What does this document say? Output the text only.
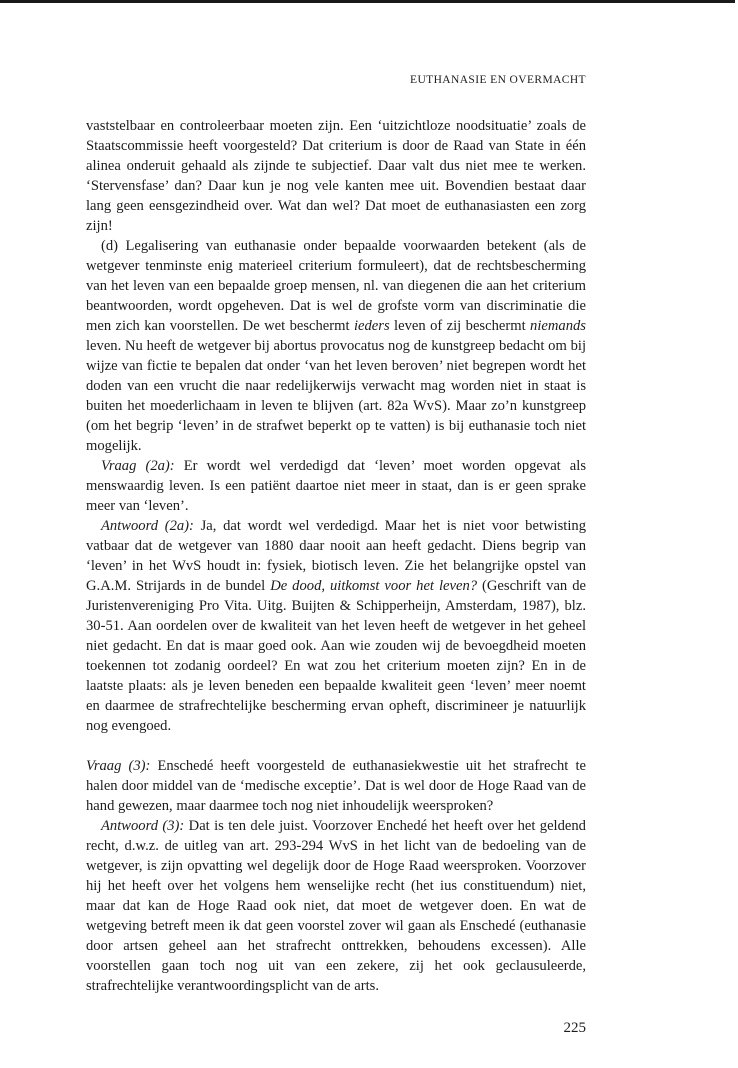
EUTHANASIE EN OVERMACHT

vaststelbaar en controleerbaar moeten zijn. Een ‘uitzichtloze noodsituatie’ zoals de Staatscommissie heeft voorgesteld? Dat criterium is door de Raad van State in één alinea onderuit gehaald als zijnde te subjectief. Daar valt dus niet mee te werken. ‘Stervensfase’ dan? Daar kun je nog vele kanten mee uit. Bovendien bestaat daar lang geen eensgezindheid over. Wat dan wel? Dat moet de euthanasiasten een zorg zijn!

(d) Legalisering van euthanasie onder bepaalde voorwaarden betekent (als de wetgever tenminste enig materieel criterium formuleert), dat de rechtsbescherming van het leven van een bepaalde groep mensen, nl. van diegenen die aan het criterium beantwoorden, wordt opgeheven. Dat is wel de grofste vorm van discriminatie die men zich kan voorstellen. De wet beschermt ieders leven of zij beschermt niemands leven. Nu heeft de wetgever bij abortus provocatus nog de kunstgreep bedacht om bij wijze van fictie te bepalen dat onder ‘van het leven beroven’ niet begrepen wordt het doden van een vrucht die naar redelijkerwijs verwacht mag worden niet in staat is buiten het moederlichaam in leven te blijven (art. 82a WvS). Maar zo’n kunstgreep (om het begrip ‘leven’ in de strafwet beperkt op te vatten) is bij euthanasie toch niet mogelijk.

Vraag (2a): Er wordt wel verdedigd dat ‘leven’ moet worden opgevat als menswaardig leven. Is een patiënt daartoe niet meer in staat, dan is er geen sprake meer van ‘leven’.

Antwoord (2a): Ja, dat wordt wel verdedigd. Maar het is niet voor betwisting vatbaar dat de wetgever van 1880 daar nooit aan heeft gedacht. Diens begrip van ‘leven’ in het WvS houdt in: fysiek, biotisch leven. Zie het belangrijke opstel van G.A.M. Strijards in de bundel De dood, uitkomst voor het leven? (Geschrift van de Juristenvereniging Pro Vita. Uitg. Buijten & Schipperheijn, Amsterdam, 1987), blz. 30-51. Aan oordelen over de kwaliteit van het leven heeft de wetgever in het geheel niet gedacht. En dat is maar goed ook. Aan wie zouden wij de bevoegdheid moeten toekennen tot zodanig oordeel? En wat zou het criterium moeten zijn? En in de laatste plaats: als je leven beneden een bepaalde kwaliteit geen ‘leven’ meer noemt en daarmee de strafrechtelijke bescherming ervan opheft, discrimineer je natuurlijk nog evengoed.

Vraag (3): Enschedé heeft voorgesteld de euthanasiekwestie uit het strafrecht te halen door middel van de ‘medische exceptie’. Dat is wel door de Hoge Raad van de hand gewezen, maar daarmee toch nog niet inhoudelijk weersproken?

Antwoord (3): Dat is ten dele juist. Voorzover Enchedé het heeft over het geldend recht, d.w.z. de uitleg van art. 293-294 WvS in het licht van de bedoeling van de wetgever, is zijn opvatting wel degelijk door de Hoge Raad weersproken. Voorzover hij het heeft over het volgens hem wenselijke recht (het ius constituendum) niet, maar dat kan de Hoge Raad ook niet, dat moet de wetgever doen. En wat de wetgeving betreft meen ik dat geen voorstel zover wil gaan als Enschedé (euthanasie door artsen geheel aan het strafrecht onttrekken, behoudens excessen). Alle voorstellen gaan toch nog uit van een zekere, zij het ook geclausuleerde, strafrechtelijke verantwoordingsplicht van de arts.

225
